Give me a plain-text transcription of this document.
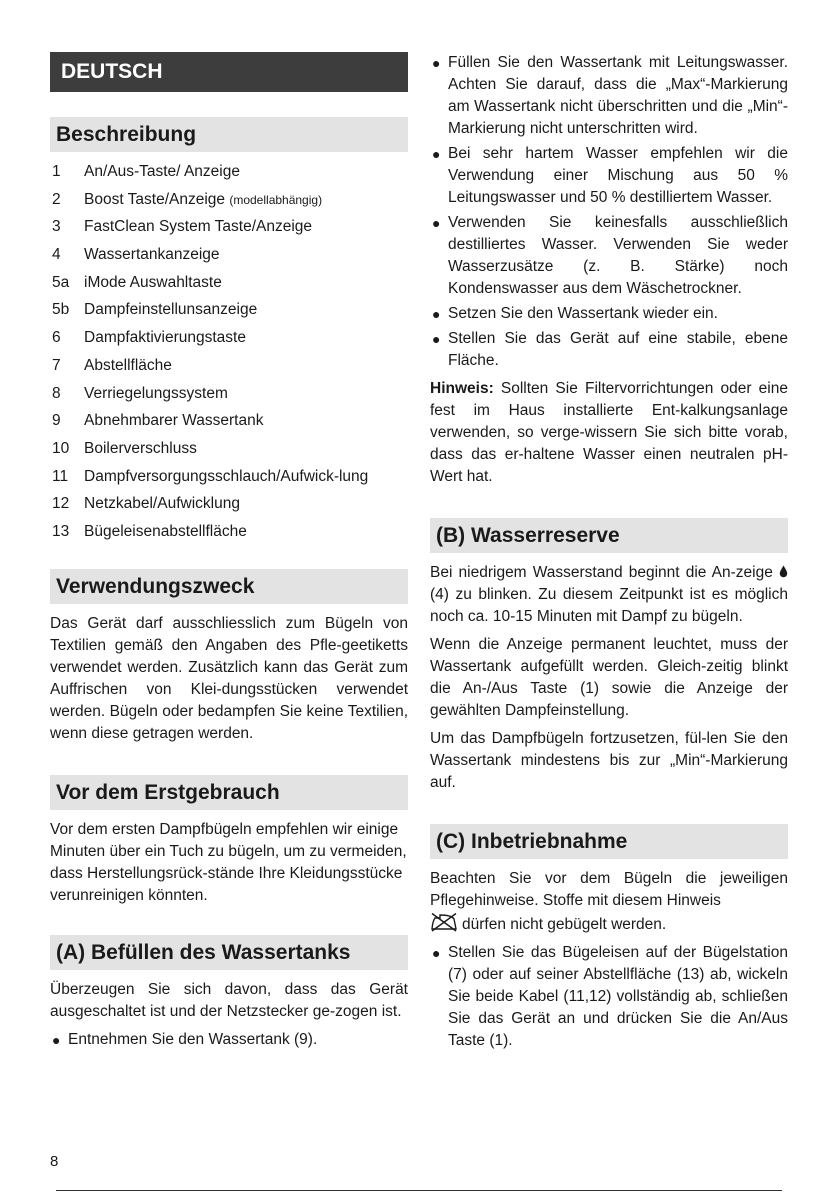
DEUTSCH
Beschreibung
1 An/Aus-Taste/ Anzeige
2 Boost Taste/Anzeige (modellabhängig)
3 FastClean System Taste/Anzeige
4 Wassertankanzeige
5a iMode Auswahltaste
5b Dampfeinstellunsanzeige
6 Dampfaktivierungstaste
7 Abstellfläche
8 Verriegelungssystem
9 Abnehmbarer Wassertank
10 Boilerverschluss
11 Dampfversorgungsschlauch/Aufwick-lung
12 Netzkabel/Aufwicklung
13 Bügeleisenabstellfläche
Verwendungszweck

Das Gerät darf ausschliesslich zum Bügeln von Textilien gemäß den Angaben des Pfle-geetiketts verwendet werden. Zusätzlich kann das Gerät zum Auffrischen von Klei-dungsstücken verwendet werden. Bügeln oder bedampfen Sie keine Textilien, wenn diese getragen werden.

Vor dem Erstgebrauch

Vor dem ersten Dampfbügeln empfehlen wir einige Minuten über ein Tuch zu bügeln, um zu vermeiden, dass Herstellungsrück-stände Ihre Kleidungsstücke verunreinigen könnten.

(A) Befüllen des Wassertanks

Überzeugen Sie sich davon, dass das Gerät ausgeschaltet ist und der Netzstecker ge-zogen ist.

● Entnehmen Sie den Wassertank (9).
● Füllen Sie den Wassertank mit Leitungswasser. Achten Sie darauf, dass die „Max“-Markierung am Wassertank nicht überschritten und die „Min“-Markierung nicht unterschritten wird.
● Bei sehr hartem Wasser empfehlen wir die Verwendung einer Mischung aus 50 % Leitungswasser und 50 % destilliertem Wasser.
● Verwenden Sie keinesfalls ausschließlich destilliertes Wasser. Verwenden Sie weder Wasserzusätze (z. B. Stärke) noch Kondenswasser aus dem Wäschetrockner.
● Setzen Sie den Wassertank wieder ein.
● Stellen Sie das Gerät auf eine stabile, ebene Fläche.

Hinweis: Sollten Sie Filtervorrichtungen oder eine fest im Haus installierte Ent-kalkungsanlage verwenden, so verge-wissern Sie sich bitte vorab, dass das er-haltene Wasser einen neutralen pH-Wert hat.

(B) Wasserreserve

Bei niedrigem Wasserstand beginnt die An-zeige  (4) zu blinken. Zu diesem Zeitpunkt ist es möglich noch ca. 10-15 Minuten mit Dampf zu bügeln.

Wenn die Anzeige permanent leuchtet, muss der Wassertank aufgefüllt werden. Gleich-zeitig blinkt die An-/Aus Taste (1) sowie die Anzeige der gewählten Dampfeinstellung.

Um das Dampfbügeln fortzusetzen, fül-len Sie den Wassertank mindestens bis zur „Min“-Markierung auf.

(C) Inbetriebnahme

Beachten Sie vor dem Bügeln die jeweiligen Pflegehinweise. Stoffe mit diesem Hinweis
dürfen nicht gebügelt werden.

● Stellen Sie das Bügeleisen auf der Bügelstation (7) oder auf seiner Abstellfläche (13) ab, wickeln Sie beide Kabel (11,12) vollständig ab, schließen Sie das Gerät an und drücken Sie die An/Aus Taste (1).
8
